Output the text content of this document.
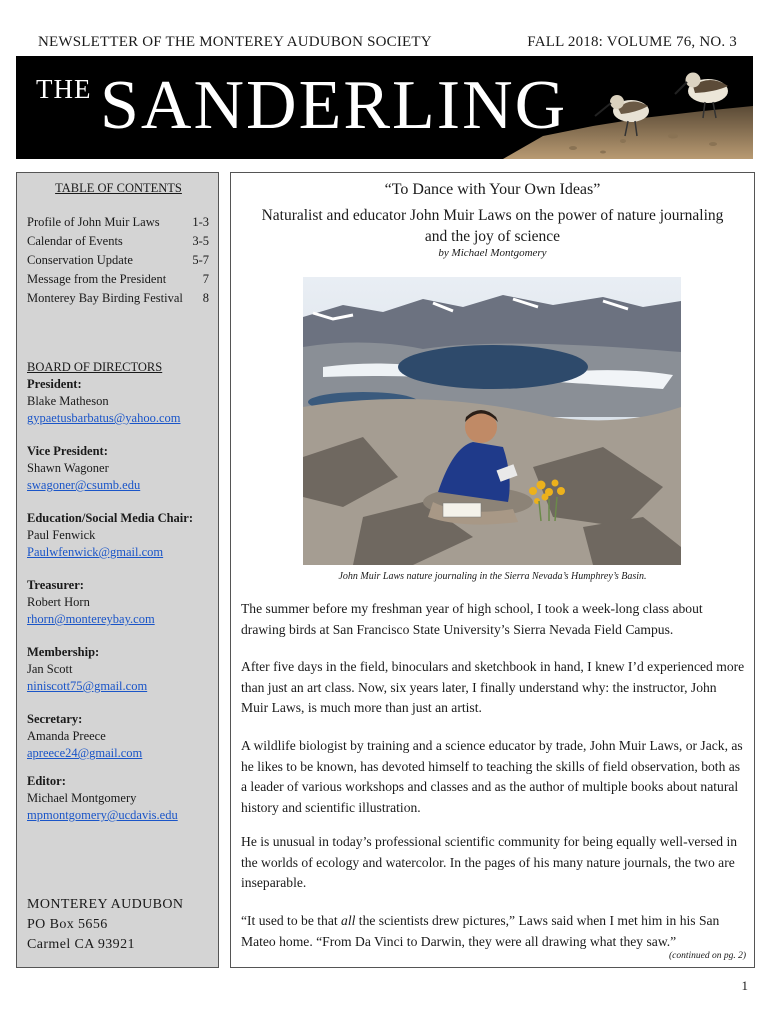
NEWSLETTER OF THE MONTEREY AUDUBON SOCIETY	FALL 2018: VOLUME 76, NO. 3
THE SANDERLING
TABLE OF CONTENTS
Profile of John Muir Laws	1-3
Calendar of Events	3-5
Conservation Update	5-7
Message from the President	7
Monterey Bay Birding Festival 8
BOARD OF DIRECTORS
President:
Blake Matheson
gypaetusbarbatus@yahoo.com
Vice President:
Shawn Wagoner
swagoner@csumb.edu
Education/Social Media Chair:
Paul Fenwick
Paulwfenwick@gmail.com
Treasurer:
Robert Horn
rhorn@montereybay.com
Membership:
Jan Scott
niniscott75@gmail.com
Secretary:
Amanda Preece
apreece24@gmail.com
Editor:
Michael Montgomery
mpmontgomery@ucdavis.edu
MONTEREY AUDUBON
PO Box 5656
Carmel CA 93921
“To Dance with Your Own Ideas”
Naturalist and educator John Muir Laws on the power of nature journaling and the joy of science
by Michael Montgomery
John Muir Laws nature journaling in the Sierra Nevada’s Humphrey’s Basin.
The summer before my freshman year of high school, I took a week-long class about drawing birds at San Francisco State University’s Sierra Nevada Field Campus.
After five days in the field, binoculars and sketchbook in hand, I knew I’d experienced more than just an art class. Now, six years later, I finally understand why: the instructor, John Muir Laws, is much more than just an artist.
A wildlife biologist by training and a science educator by trade, John Muir Laws, or Jack, as he likes to be known, has devoted himself to teaching the skills of field observation, both as a leader of various workshops and classes and as the author of multiple books about natural history and scientific illustration.
He is unusual in today’s professional scientific community for being equally well-versed in the worlds of ecology and watercolor. In the pages of his many nature journals, the two are inseparable.
“It used to be that all the scientists drew pictures,” Laws said when I met him in his San Mateo home. “From Da Vinci to Darwin, they were all drawing what they saw.”
(continued on pg. 2)
1
